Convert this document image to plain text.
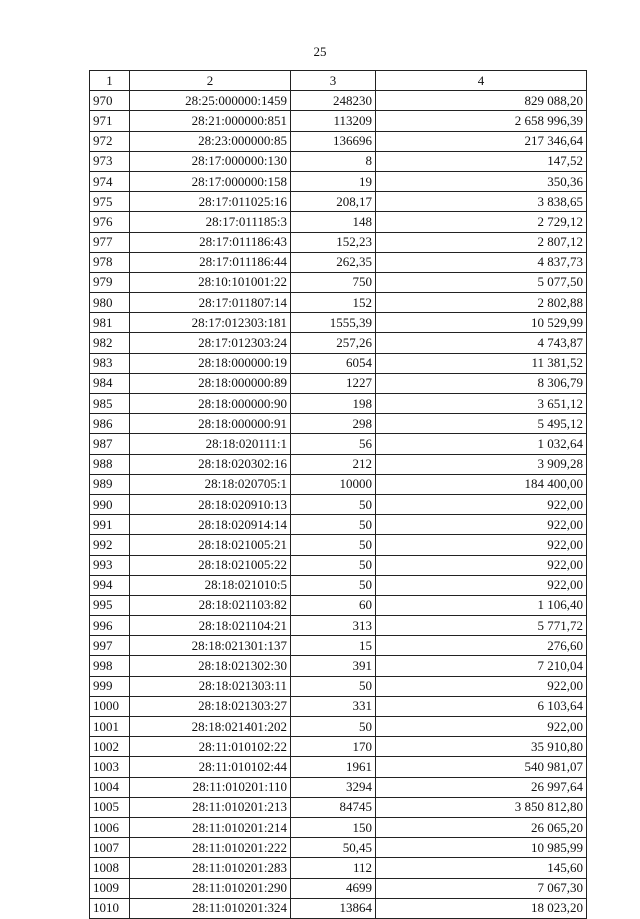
25
1	2	3	4
970	28:25:000000:1459	248230	829 088,20
971	28:21:000000:851	113209	2 658 996,39
972	28:23:000000:85	136696	217 346,64
973	28:17:000000:130	8	147,52
974	28:17:000000:158	19	350,36
975	28:17:011025:16	208,17	3 838,65
976	28:17:011185:3	148	2 729,12
977	28:17:011186:43	152,23	2 807,12
978	28:17:011186:44	262,35	4 837,73
979	28:10:101001:22	750	5 077,50
980	28:17:011807:14	152	2 802,88
981	28:17:012303:181	1555,39	10 529,99
982	28:17:012303:24	257,26	4 743,87
983	28:18:000000:19	6054	11 381,52
984	28:18:000000:89	1227	8 306,79
985	28:18:000000:90	198	3 651,12
986	28:18:000000:91	298	5 495,12
987	28:18:020111:1	56	1 032,64
988	28:18:020302:16	212	3 909,28
989	28:18:020705:1	10000	184 400,00
990	28:18:020910:13	50	922,00
991	28:18:020914:14	50	922,00
992	28:18:021005:21	50	922,00
993	28:18:021005:22	50	922,00
994	28:18:021010:5	50	922,00
995	28:18:021103:82	60	1 106,40
996	28:18:021104:21	313	5 771,72
997	28:18:021301:137	15	276,60
998	28:18:021302:30	391	7 210,04
999	28:18:021303:11	50	922,00
1000	28:18:021303:27	331	6 103,64
1001	28:18:021401:202	50	922,00
1002	28:11:010102:22	170	35 910,80
1003	28:11:010102:44	1961	540 981,07
1004	28:11:010201:110	3294	26 997,64
1005	28:11:010201:213	84745	3 850 812,80
1006	28:11:010201:214	150	26 065,20
1007	28:11:010201:222	50,45	10 985,99
1008	28:11:010201:283	112	145,60
1009	28:11:010201:290	4699	7 067,30
1010	28:11:010201:324	13864	18 023,20
